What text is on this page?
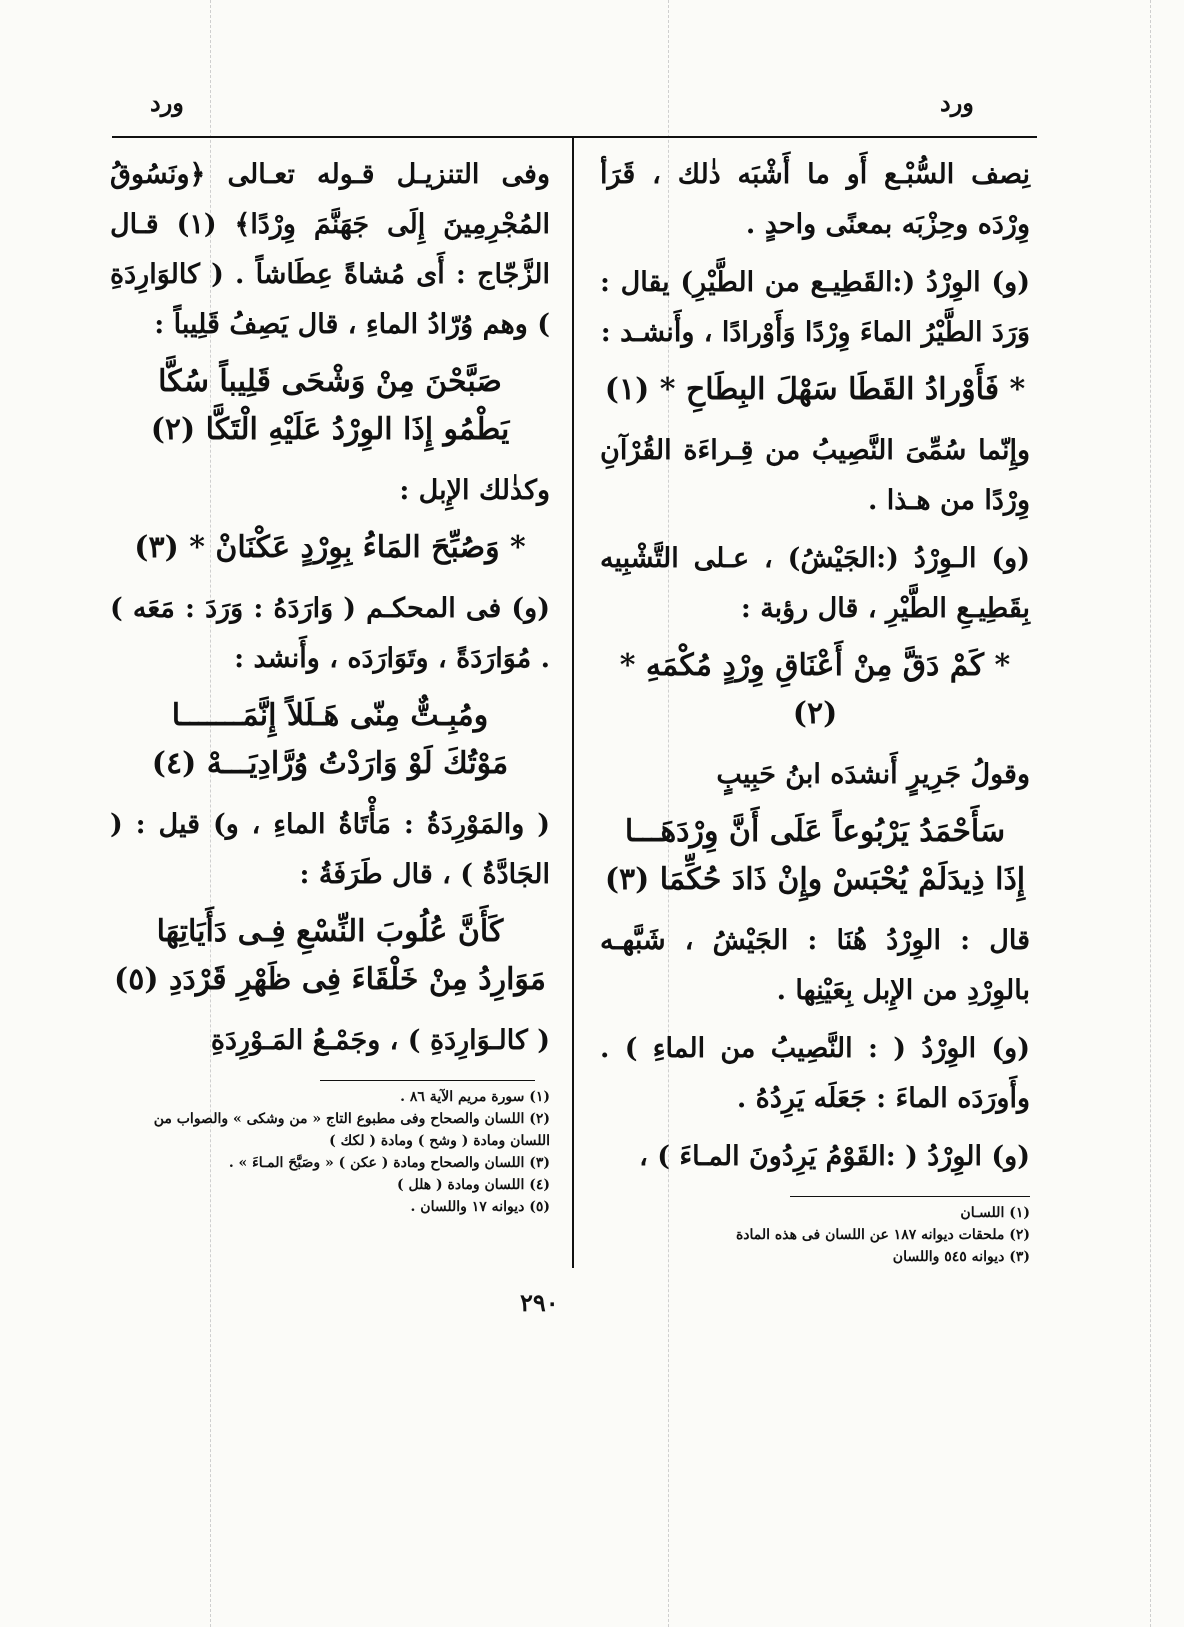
ورد
ورد

نِصف السُّبْـع أَو ما أَشْبَه ذٰلك ، قَرَأ وِرْدَه وحِزْبَه بمعنًى واحدٍ .

(و) الوِرْدُ (:القَطِيـع من الطَّيْرِ) يقال : وَرَدَ الطَّيْرُ الماءَ وِرْدًا وَأَوْرادًا ، وأَنشـد :

* فَأَوْرادُ القَطَا سَهْلَ البِطَاحِ * (١)

وإِنّما سُمِّىَ النَّصِيبُ من قِـراءَة القُرْآنِ وِرْدًا من هـذا .

(و) الـوِرْدُ (:الجَيْشُ) ، عـلى التَّشْبِيه بِقَطِيـعِ الطَّيْرِ ، قال رؤبة :

* كَمْ دَقَّ مِنْ أَعْنَاقِ وِرْدٍ مُكْمَهِ * (٢)

وقولُ جَرِيرٍ أَنشدَه ابنُ حَبِيبٍ

سَأَحْمَدُ يَرْبُوعاً عَلَى أَنَّ وِرْدَهَـــا
إِذَا ذِيدَلَمْ يُحْبَسْ وإِنْ ذَادَ حُكِّمَا (٣)

قال : الوِرْدُ هُنَا : الجَيْشُ ، شَبَّهـه بالوِرْدِ من الإِبل بِعَيْنِها .

(و) الوِرْدُ ( : النَّصِيبُ من الماءِ ) . وأَورَدَه الماءَ : جَعَلَه يَرِدُهُ .

(و) الوِرْدُ ( :القَوْمُ يَرِدُونَ المـاءَ ) ،

وفى التنزيـل قـوله تعـالى ﴿ونَسُوقُ المُجْرِمِينَ إِلَى جَهَنَّمَ وِرْدًا﴾ (١) قـال الزَّجّاج : أَى مُشاةً عِطَاشاً . ( كالوَارِدَةِ ) وهم وُرّادُ الماءِ ، قال يَصِفُ قَلِيباً :

صَبَّحْنَ مِنْ وَشْحَى قَلِيباً سُكَّا
يَطْمُو إِذَا الوِرْدُ عَلَيْهِ الْتَكَّا (٢)

وكذٰلك الإِبل :

* وَصُبِّحَ المَاءُ بِوِرْدٍ عَكْنَانْ * (٣)

(و) فى المحكـم ( وَارَدَهُ : وَرَدَ : مَعَه ) . مُوَارَدَةً ، وتَوَارَدَه ، وأَنشد :

ومُبِـتٌّ مِنّى هَـلَلاً إِنَّمَـــــــا
مَوْتُكَ لَوْ وَارَدْتُ وُرَّادِيَـــهْ (٤)

( والمَوْرِدَةُ : مَأْتَاةُ الماءِ ، و) قيل : ( الجَادَّةُ ) ، قال طَرَفَةُ :

كَأَنَّ عُلُوبَ النِّسْعِ فِـى دَأَيَاتِهَا
مَوَارِدُ مِنْ خَلْقَاءَ فِى ظَهْرِ قَرْدَدِ (٥)

( كالـوَارِدَةِ ) ، وجَمْـعُ المَـوْرِدَةِ

(١) سورة مريم الآية ٨٦ .
(٢) اللسان والصحاح وفى مطبوع التاج « من وشكى » والصواب من اللسان ومادة ( وشح ) ومادة ( لكك )
(٣) اللسان والصحاح ومادة ( عكن ) « وصَبَّحَ المـاءَ » .
(٤) اللسان ومادة ( هلل )
(٥) ديوانه ١٧ واللسان .	(١) اللسـان
(٢) ملحقات ديوانه ١٨٧ عن اللسان فى هذه المادة
(٣) ديوانه ٥٤٥ واللسان
٢٩٠
